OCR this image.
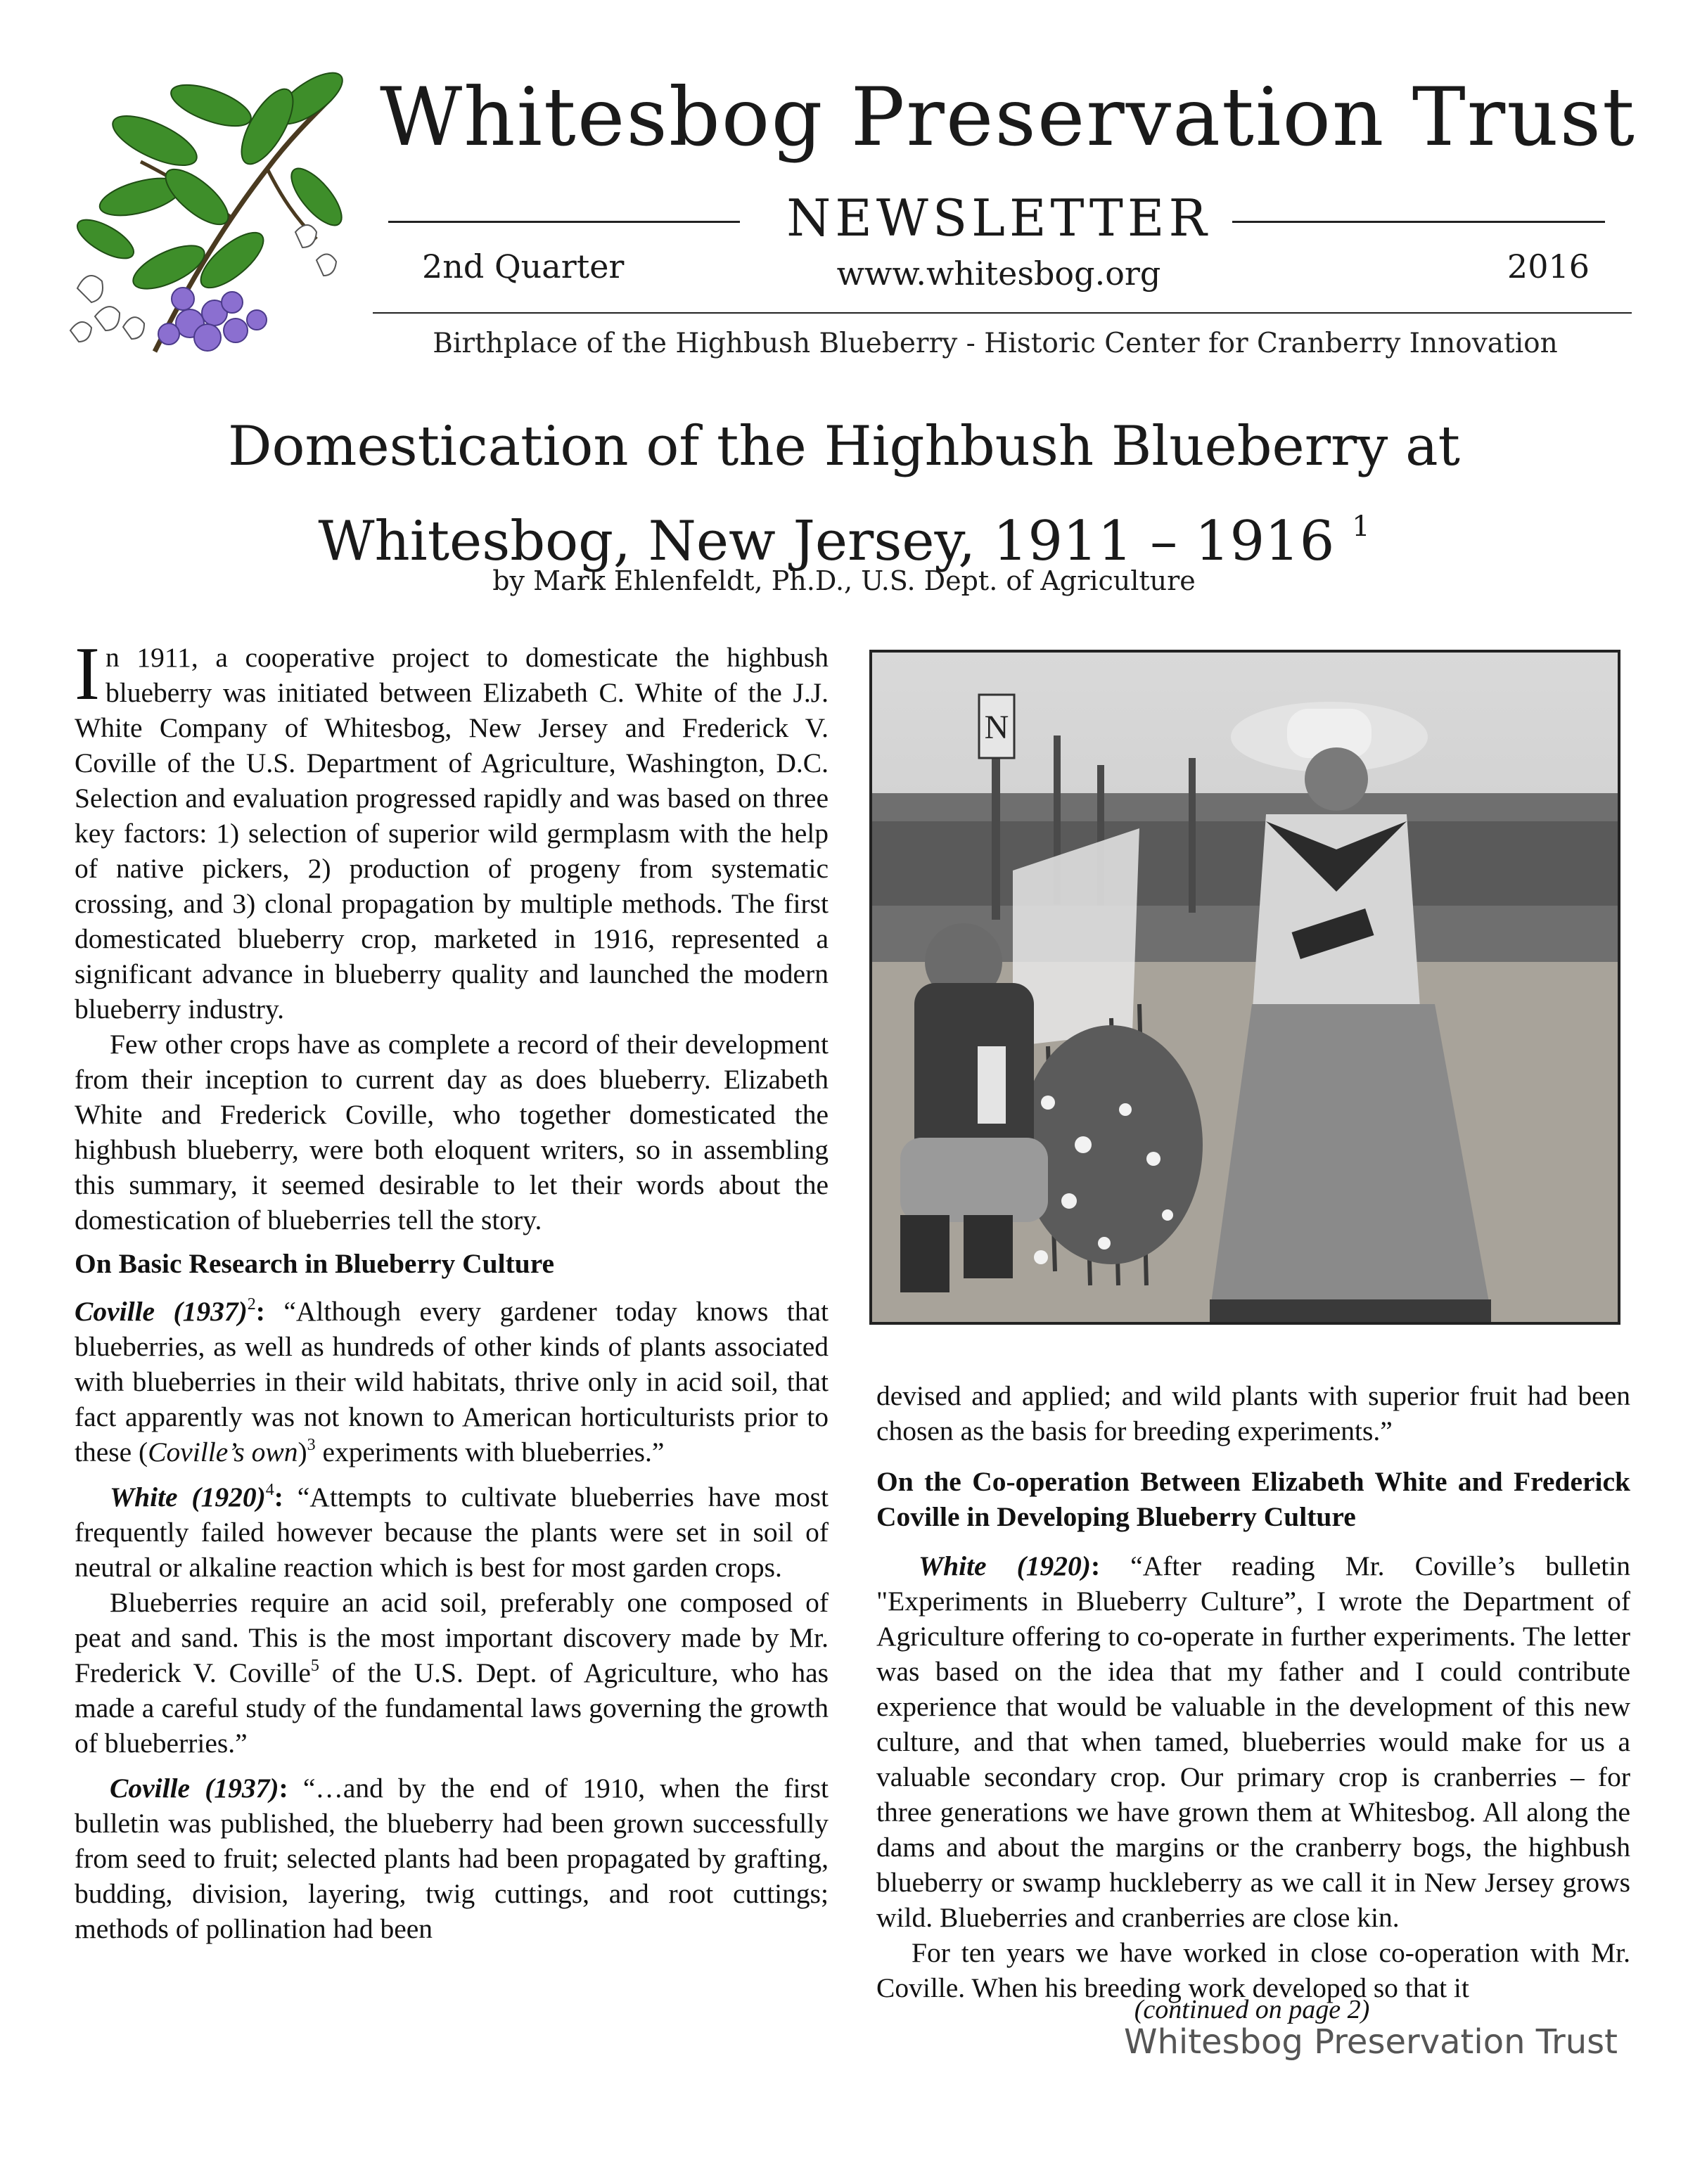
Whitesbog Preservation Trust
NEWSLETTER
2nd Quarter	www.whitesbog.org	2016
Birthplace of the Highbush Blueberry - Historic Center for Cranberry Innovation
Domestication of the Highbush Blueberry at
Whitesbog, New Jersey, 1911 – 1916 $^1$
by Mark Ehlenfeldt, Ph.D., U.S. Dept. of Agriculture

In 1911, a cooperative project to domesticate the highbush blueberry was initiated between Elizabeth C. White of the J.J. White Company of Whitesbog, New Jersey and Frederick V. Coville of the U.S. Department of Agriculture, Washington, D.C. Selection and evaluation progressed rapidly and was based on three key factors: 1) selection of superior wild germplasm with the help of native pickers, 2) production of progeny from systematic crossing, and 3) clonal propagation by multiple methods. The first domesticated blueberry crop, marketed in 1916, represented a significant advance in blueberry quality and launched the modern blueberry industry.

Few other crops have as complete a record of their development from their inception to current day as does blueberry. Elizabeth White and Frederick Coville, who together domesticated the highbush blueberry, were both eloquent writers, so in assembling this summary, it seemed desirable to let their words about the domestication of blueberries tell the story.

On Basic Research in Blueberry Culture

Coville $(1937)^2$: “Although every gardener today knows that blueberries, as well as hundreds of other kinds of plants associated with blueberries in their wild habitats, thrive only in acid soil, that fact apparently was not known to American horticulturists prior to these (Coville’s own)$^3$ experiments with blueberries.”

White $(1920)^4$: “Attempts to cultivate blueberries have most frequently failed however because the plants were set in soil of neutral or alkaline reaction which is best for most garden crops.

Blueberries require an acid soil, preferably one composed of peat and sand. This is the most important discovery made by Mr. Frederick V. Coville$^5$ of the U.S. Dept. of Agriculture, who has made a careful study of the fundamental laws governing the growth of blueberries.”

Coville (1937): “…and by the end of 1910, when the first bulletin was published, the blueberry had been grown successfully from seed to fruit; selected plants had been propagated by grafting, budding, division, layering, twig cuttings, and root cuttings; methods of pollination had been

N

devised and applied; and wild plants with superior fruit had been chosen as the basis for breeding experiments.”

On the Co-operation Between Elizabeth White and Frederick Coville in Developing Blueberry Culture

White (1920): “After reading Mr. Coville’s bulletin "Experiments in Blueberry Culture”, I wrote the Department of Agriculture offering to co-operate in further experiments. The letter was based on the idea that my father and I could contribute experience that would be valuable in the development of this new culture, and that when tamed, blueberries would make for us a valuable secondary crop. Our primary crop is cranberries – for three generations we have grown them at Whitesbog. All along the dams and about the margins or the cranberry bogs, the highbush blueberry or swamp huckleberry as we call it in New Jersey grows wild. Blueberries and cranberries are close kin.

For ten years we have worked in close co-operation with Mr. Coville. When his breeding work developed so that it

(continued on page 2)
Whitesbog Preservation Trust
